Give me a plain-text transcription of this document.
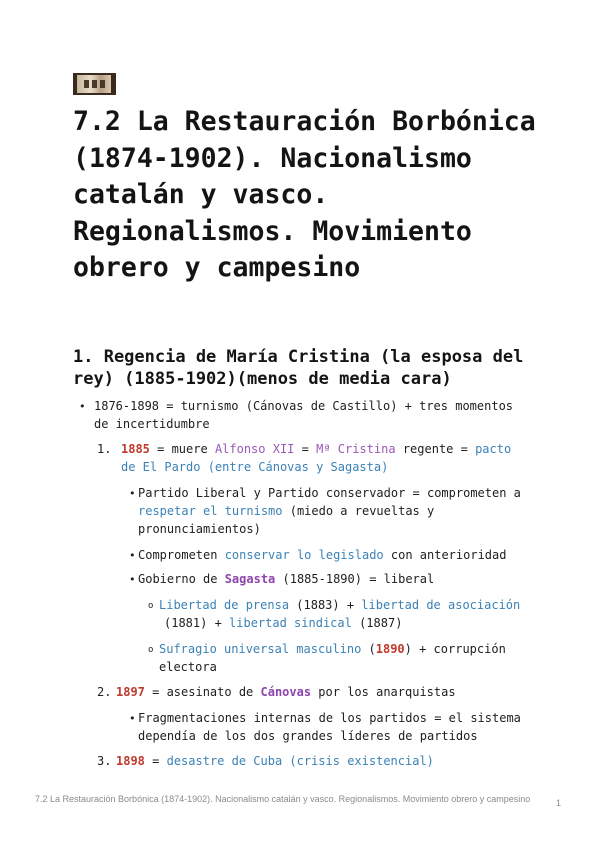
7.2 La Restauración Borbónica (1874-1902). Nacionalismo catalán y vasco. Regionalismos. Movimiento obrero y campesino
1. Regencia de María Cristina (la esposa del rey) (1885-1902)(menos de media cara)
• 1876-1898 = turnismo (Cánovas de Castillo) + tres momentos de incertidumbre
1. 1885 = muere Alfonso XII = Mª Cristina regente = pacto de El Pardo (entre Cánovas y Sagasta)
• Partido Liberal y Partido conservador = comprometen a respetar el turnismo (miedo a revueltas y pronunciamientos)
• Comprometen conservar lo legislado con anterioridad
• Gobierno de Sagasta (1885-1890) = liberal
o Libertad de prensa (1883) + libertad de asociación
(1881) + libertad sindical (1887)
o Sufragio universal masculino (1890) + corrupción electora
2. 1897 = asesinato de Cánovas por los anarquistas
• Fragmentaciones internas de los partidos = el sistema dependía de los dos grandes líderes de partidos
3. 1898 = desastre de Cuba (crisis existencial)
7.2 La Restauración Borbónica (1874-1902). Nacionalismo catalán y vasco. Regionalismos. Movimiento obrero y campesino	1
